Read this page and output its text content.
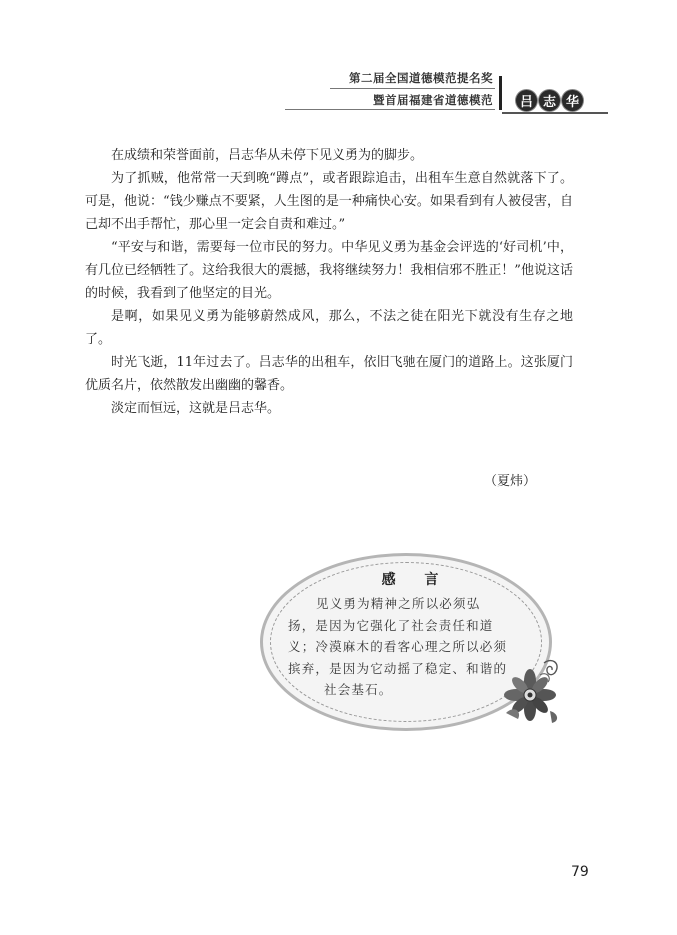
第二届全国道德模范提名奖
暨首届福建省道德模范	吕 志 华

在成绩和荣誉面前，吕志华从未停下见义勇为的脚步。

为了抓贼，他常常一天到晚“蹲点”，或者跟踪追击，出租车生意自然就落下了。可是，他说：“钱少赚点不要紧，人生图的是一种痛快心安。如果看到有人被侵害，自己却不出手帮忙，那心里一定会自责和难过。”

“平安与和谐，需要每一位市民的努力。中华见义勇为基金会评选的‘好司机’中，有几位已经牺牲了。这给我很大的震撼，我将继续努力！我相信邪不胜正！”他说这话的时候，我看到了他坚定的目光。

是啊，如果见义勇为能够蔚然成风，那么，不法之徒在阳光下就没有生存之地了。

时光飞逝，11年过去了。吕志华的出租车，依旧飞驰在厦门的道路上。这张厦门优质名片，依然散发出幽幽的馨香。

淡定而恒远，这就是吕志华。

（夏炜）
感 言
见义勇为精神之所以必须弘
扬，是因为它强化了社会责任和道
义；冷漠麻木的看客心理之所以必须
摈弃，是因为它动摇了稳定、和谐的
社会基石。
79
